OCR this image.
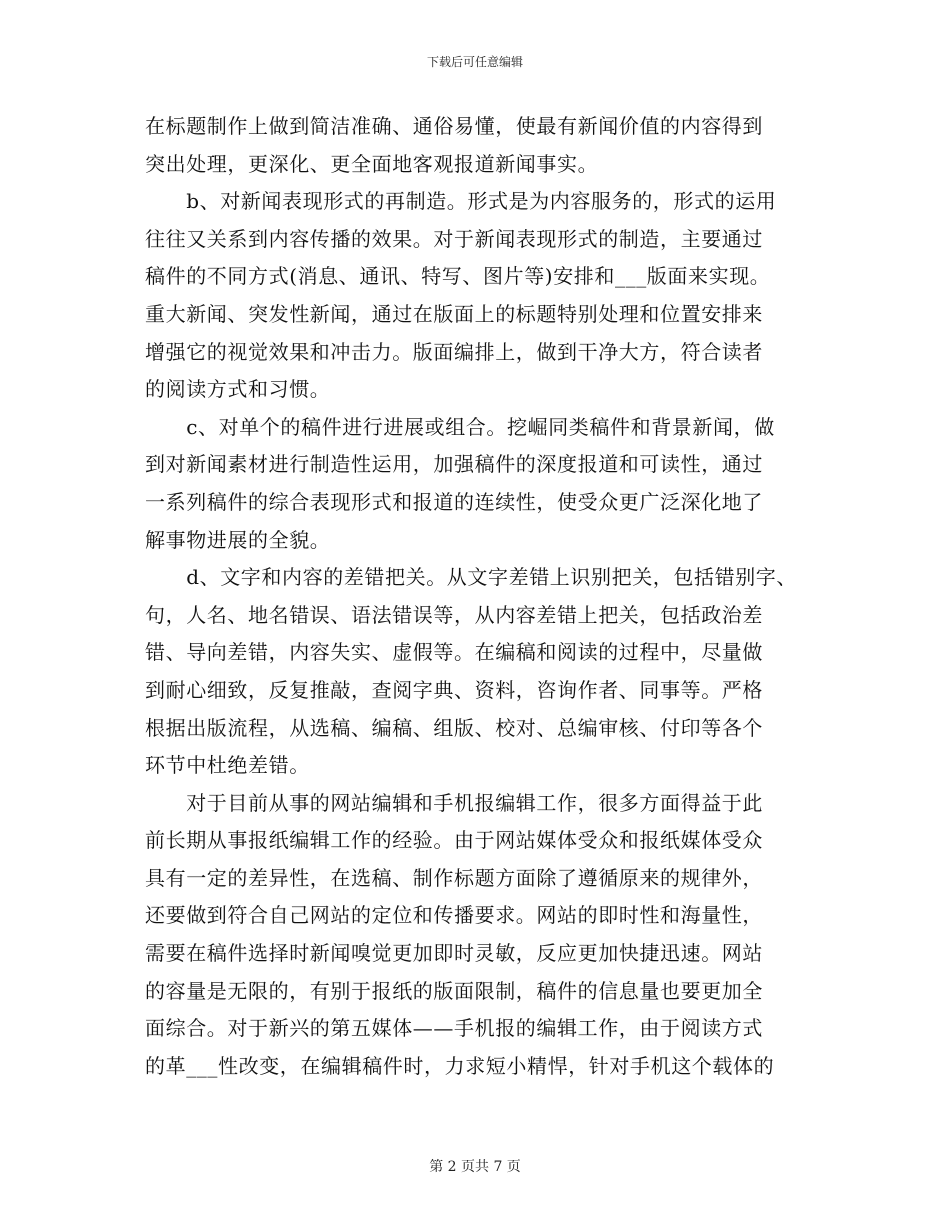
下载后可任意编辑
在标题制作上做到简洁准确、通俗易懂，使最有新闻价值的内容得到
突出处理，更深化、更全面地客观报道新闻事实。
　　b、对新闻表现形式的再制造。形式是为内容服务的，形式的运用
往往又关系到内容传播的效果。对于新闻表现形式的制造，主要通过
稿件的不同方式(消息、通讯、特写、图片等)安排和___版面来实现。
重大新闻、突发性新闻，通过在版面上的标题特别处理和位置安排来
增强它的视觉效果和冲击力。版面编排上，做到干净大方，符合读者
的阅读方式和习惯。
　　c、对单个的稿件进行进展或组合。挖崛同类稿件和背景新闻，做
到对新闻素材进行制造性运用，加强稿件的深度报道和可读性，通过
一系列稿件的综合表现形式和报道的连续性，使受众更广泛深化地了
解事物进展的全貌。
　　d、文字和内容的差错把关。从文字差错上识别把关，包括错别字、
句，人名、地名错误、语法错误等，从内容差错上把关，包括政治差
错、导向差错，内容失实、虚假等。在编稿和阅读的过程中，尽量做
到耐心细致，反复推敲，查阅字典、资料，咨询作者、同事等。严格
根据出版流程，从选稿、编稿、组版、校对、总编审核、付印等各个
环节中杜绝差错。
　　对于目前从事的网站编辑和手机报编辑工作，很多方面得益于此
前长期从事报纸编辑工作的经验。由于网站媒体受众和报纸媒体受众
具有一定的差异性，在选稿、制作标题方面除了遵循原来的规律外，
还要做到符合自己网站的定位和传播要求。网站的即时性和海量性，
需要在稿件选择时新闻嗅觉更加即时灵敏，反应更加快捷迅速。网站
的容量是无限的，有别于报纸的版面限制，稿件的信息量也要更加全
面综合。对于新兴的第五媒体——手机报的编辑工作，由于阅读方式
的革___性改变，在编辑稿件时，力求短小精悍，针对手机这个载体的
第 2 页共 7 页
